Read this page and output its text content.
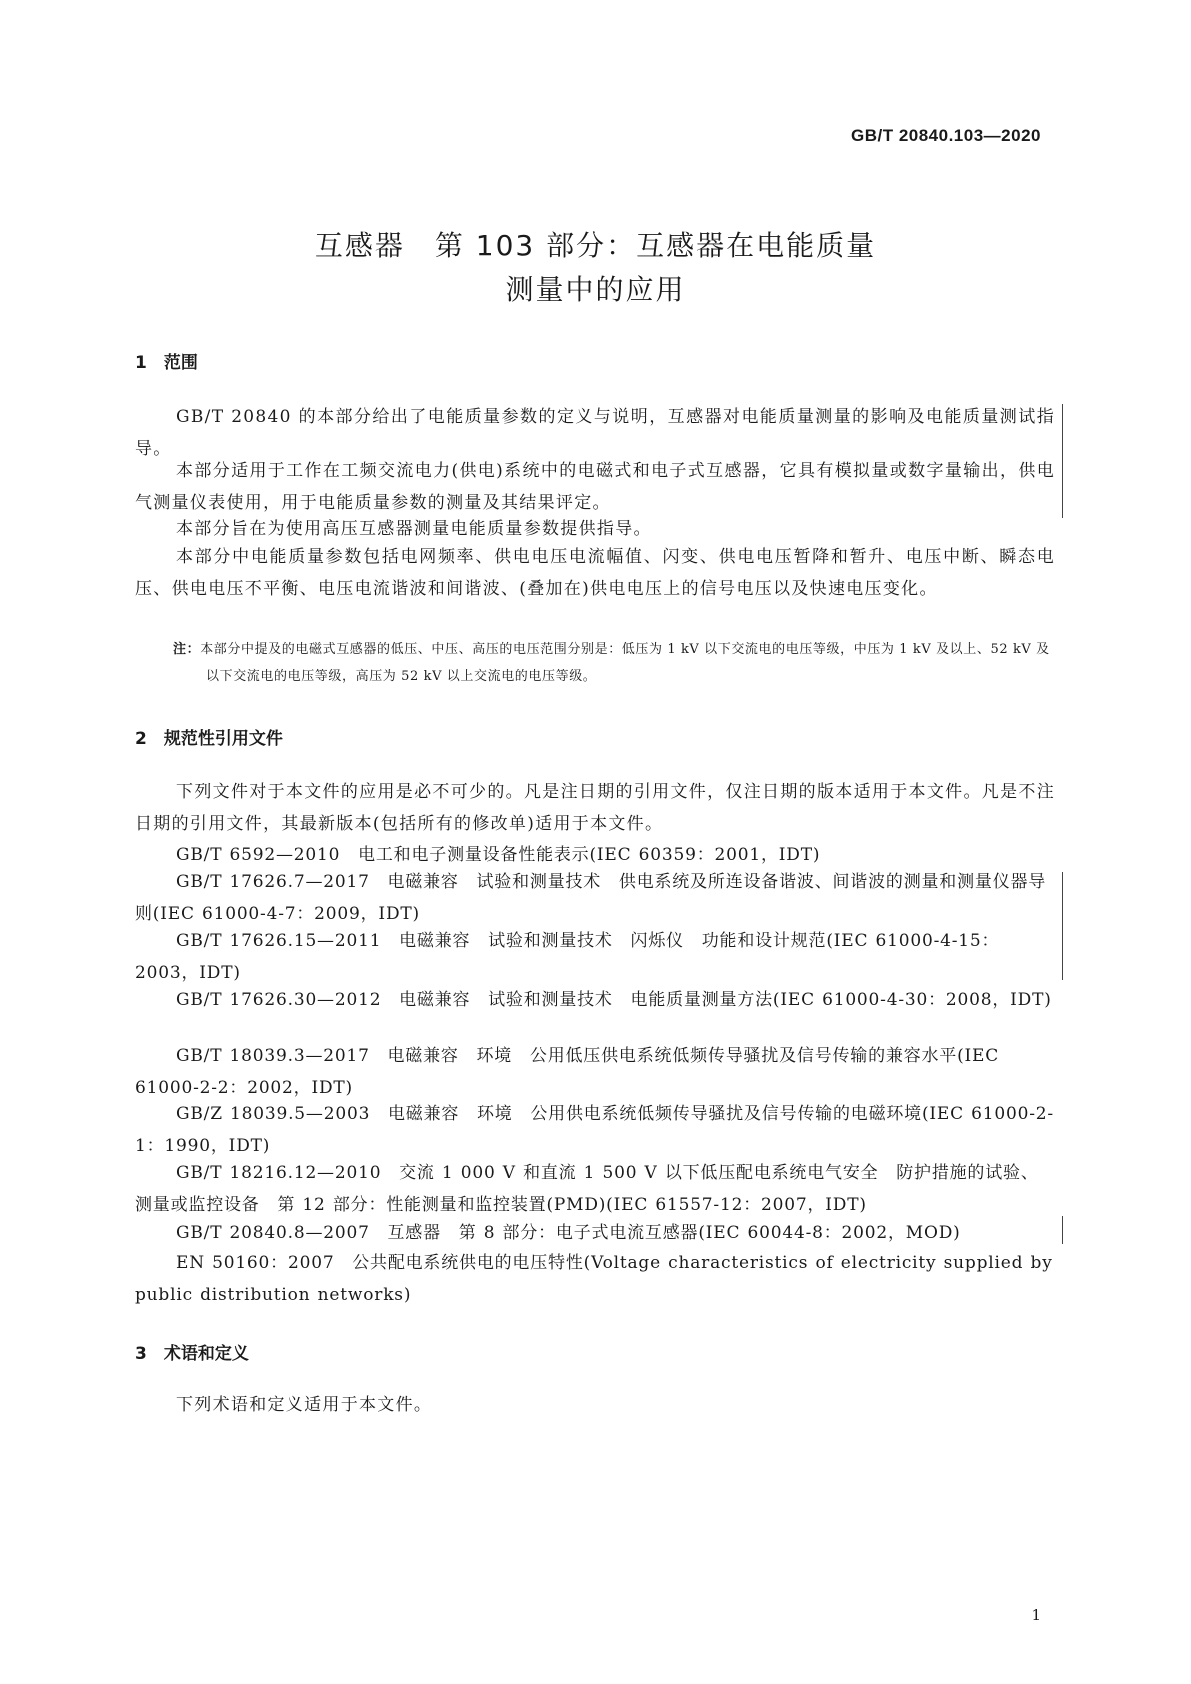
GB/T 20840.103—2020
互感器　第 103 部分：互感器在电能质量
测量中的应用
1　范围
GB/T 20840 的本部分给出了电能质量参数的定义与说明，互感器对电能质量测量的影响及电能质量测试指导。
本部分适用于工作在工频交流电力(供电)系统中的电磁式和电子式互感器，它具有模拟量或数字量输出，供电气测量仪表使用，用于电能质量参数的测量及其结果评定。
本部分旨在为使用高压互感器测量电能质量参数提供指导。
本部分中电能质量参数包括电网频率、供电电压电流幅值、闪变、供电电压暂降和暂升、电压中断、瞬态电压、供电电压不平衡、电压电流谐波和间谐波、(叠加在)供电电压上的信号电压以及快速电压变化。
注：本部分中提及的电磁式互感器的低压、中压、高压的电压范围分别是：低压为 1 kV 以下交流电的电压等级，中压为 1 kV 及以上、52 kV 及以下交流电的电压等级，高压为 52 kV 以上交流电的电压等级。
2　规范性引用文件
下列文件对于本文件的应用是必不可少的。凡是注日期的引用文件，仅注日期的版本适用于本文件。凡是不注日期的引用文件，其最新版本(包括所有的修改单)适用于本文件。
GB/T 6592—2010　电工和电子测量设备性能表示(IEC 60359：2001，IDT)
GB/T 17626.7—2017　电磁兼容　试验和测量技术　供电系统及所连设备谐波、间谐波的测量和测量仪器导则(IEC 61000-4-7：2009，IDT)
GB/T 17626.15—2011　电磁兼容　试验和测量技术　闪烁仪　功能和设计规范(IEC 61000-4-15：2003，IDT)
GB/T 17626.30—2012　电磁兼容　试验和测量技术　电能质量测量方法(IEC 61000-4-30：2008，IDT)
GB/T 18039.3—2017　电磁兼容　环境　公用低压供电系统低频传导骚扰及信号传输的兼容水平(IEC 61000-2-2：2002，IDT)
GB/Z 18039.5—2003　电磁兼容　环境　公用供电系统低频传导骚扰及信号传输的电磁环境(IEC 61000-2-1：1990，IDT)
GB/T 18216.12—2010　交流 1 000 V 和直流 1 500 V 以下低压配电系统电气安全　防护措施的试验、测量或监控设备　第 12 部分：性能测量和监控装置(PMD)(IEC 61557-12：2007，IDT)
GB/T 20840.8—2007　互感器　第 8 部分：电子式电流互感器(IEC 60044-8：2002，MOD)
EN 50160：2007　公共配电系统供电的电压特性(Voltage characteristics of electricity supplied by public distribution networks)
3　术语和定义
下列术语和定义适用于本文件。
1
